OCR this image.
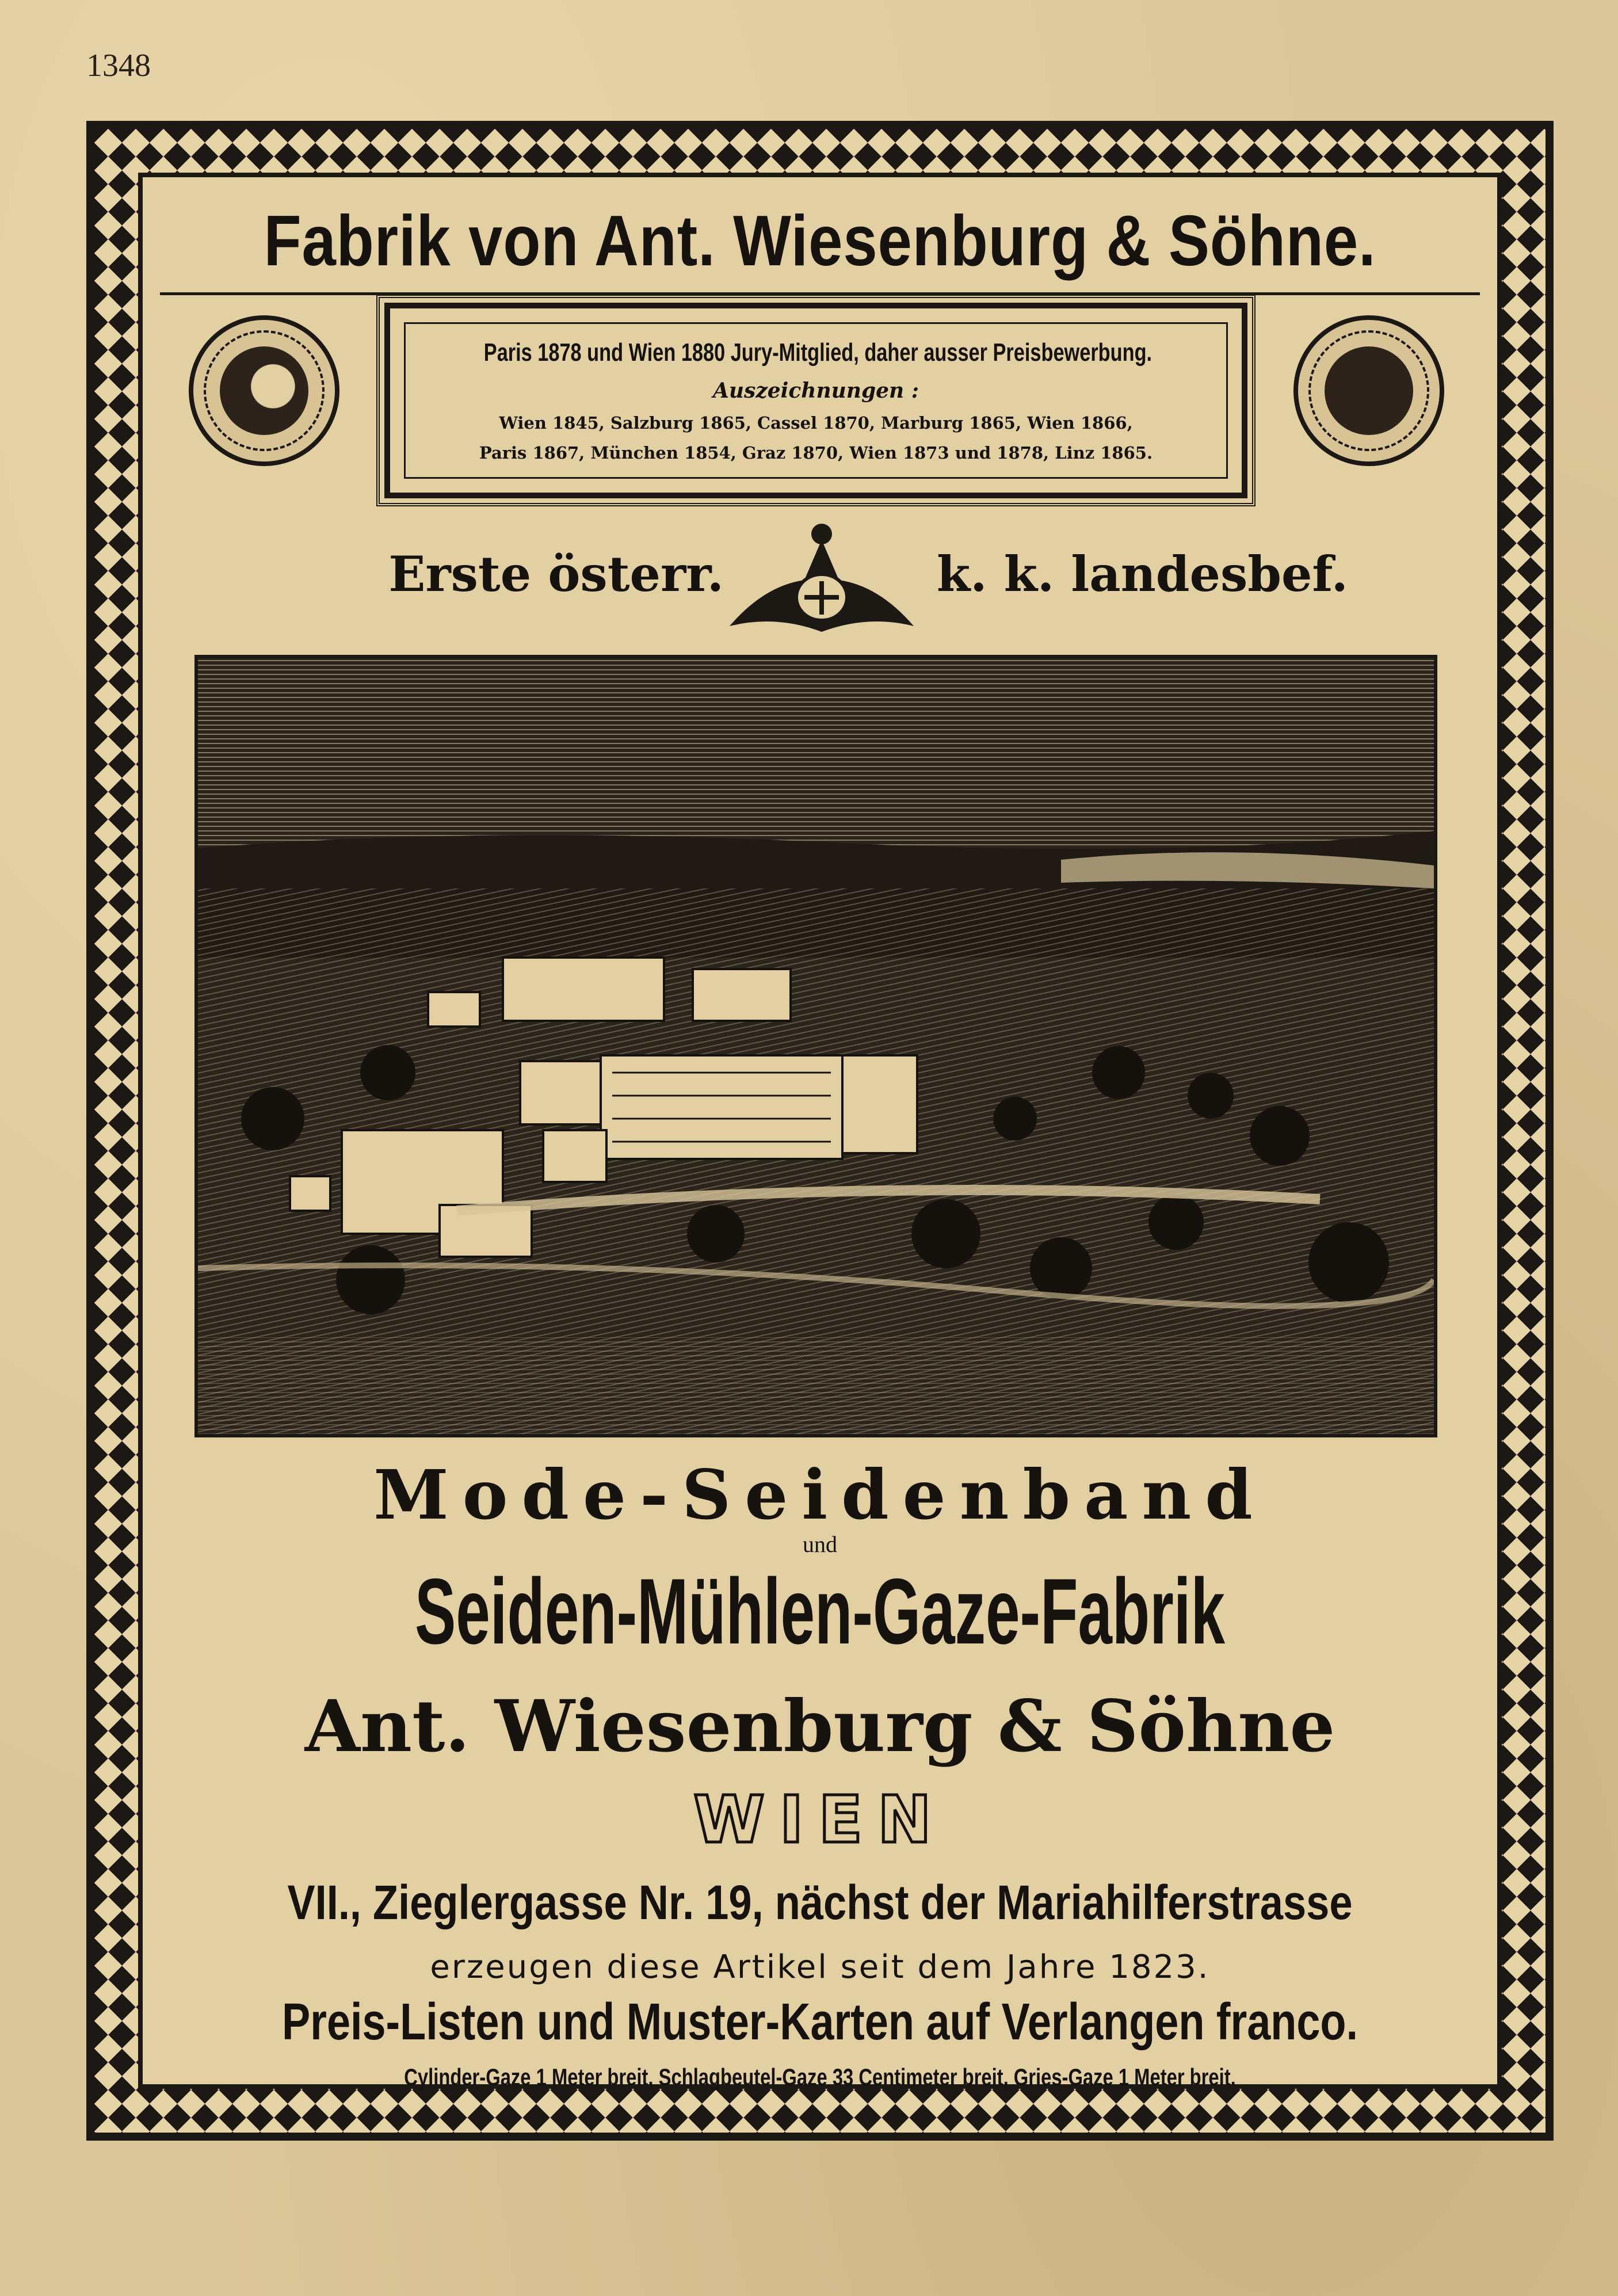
1348
Fabrik von Ant. Wiesenburg & Söhne.
Paris 1878 und Wien 1880 Jury-Mitglied, daher ausser Preisbewerbung.
Auszeichnungen :
Wien 1845, Salzburg 1865, Cassel 1870, Marburg 1865, Wien 1866,
Paris 1867, München 1854, Graz 1870, Wien 1873 und 1878, Linz 1865.
Erste österr.	k. k. landesbef.
Mode-Seidenband
und
Seiden-Mühlen-Gaze-Fabrik
Ant. Wiesenburg & Söhne
WIEN
VII., Zieglergasse Nr. 19, nächst der Mariahilferstrasse
erzeugen diese Artikel seit dem Jahre 1823.
Preis-Listen und Muster-Karten auf Verlangen franco.
Cylinder-Gaze 1 Meter breit, Schlagbeutel-Gaze 33 Centimeter breit, Gries-Gaze 1 Meter breit.
